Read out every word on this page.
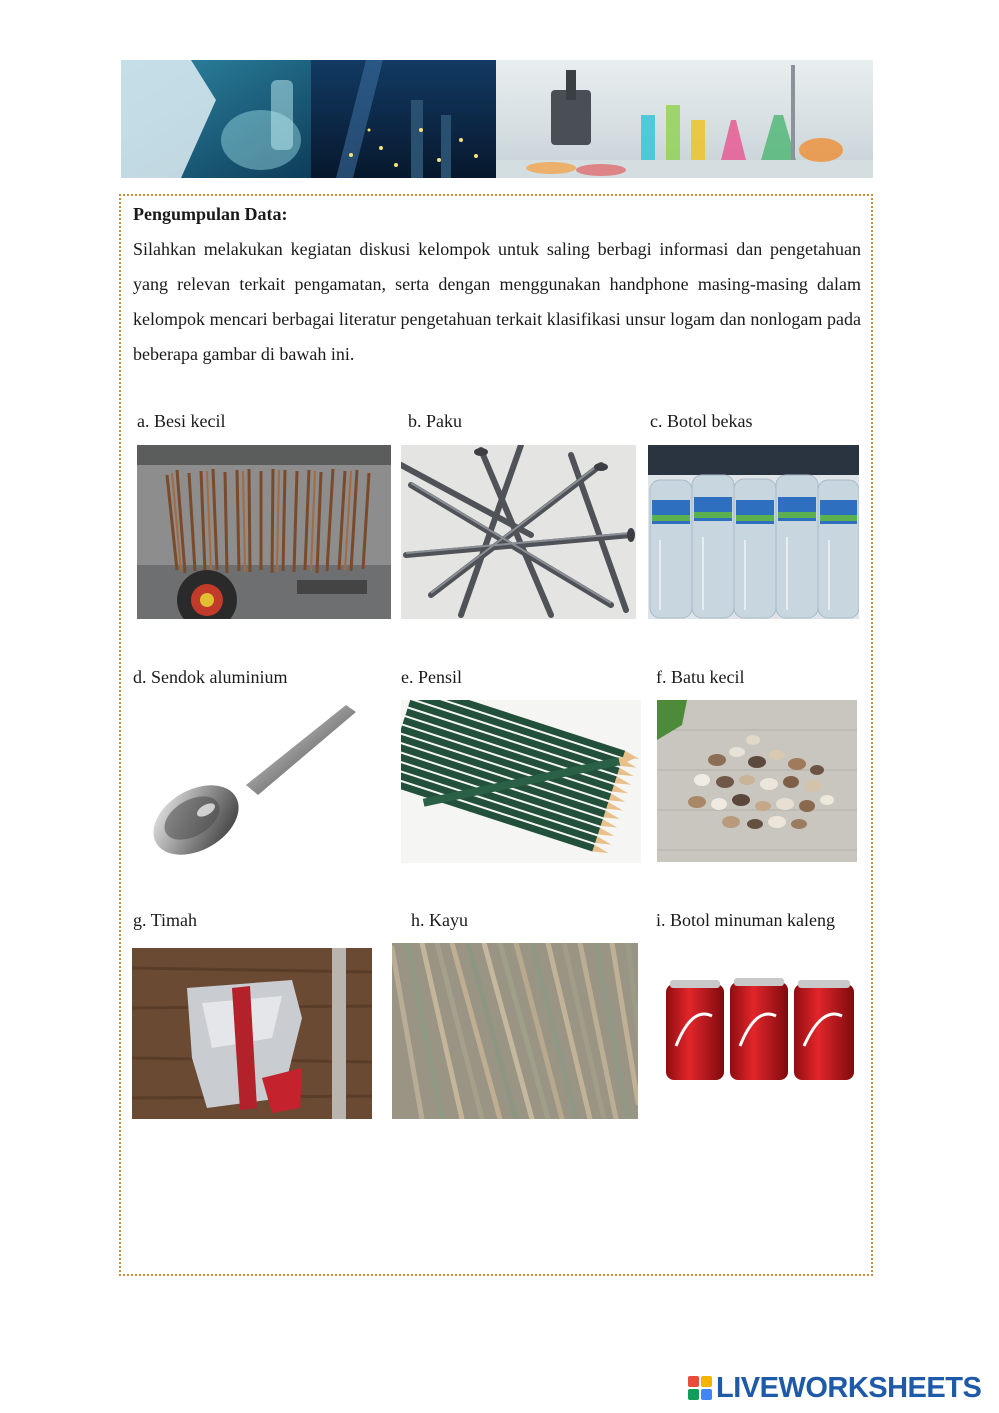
Pengumpulan Data:
Silahkan melakukan kegiatan diskusi kelompok untuk saling berbagi informasi dan pengetahuan yang relevan terkait pengamatan, serta dengan menggunakan handphone masing-masing dalam kelompok mencari berbagai literatur pengetahuan terkait klasifikasi unsur logam dan nonlogam pada beberapa gambar di bawah ini.
a. Besi kecil	b. Paku	c. Botol bekas
d. Sendok aluminium	e. Pensil	f. Batu kecil
g. Timah	h. Kayu	i. Botol minuman kaleng
LIVEWORKSHEETS
